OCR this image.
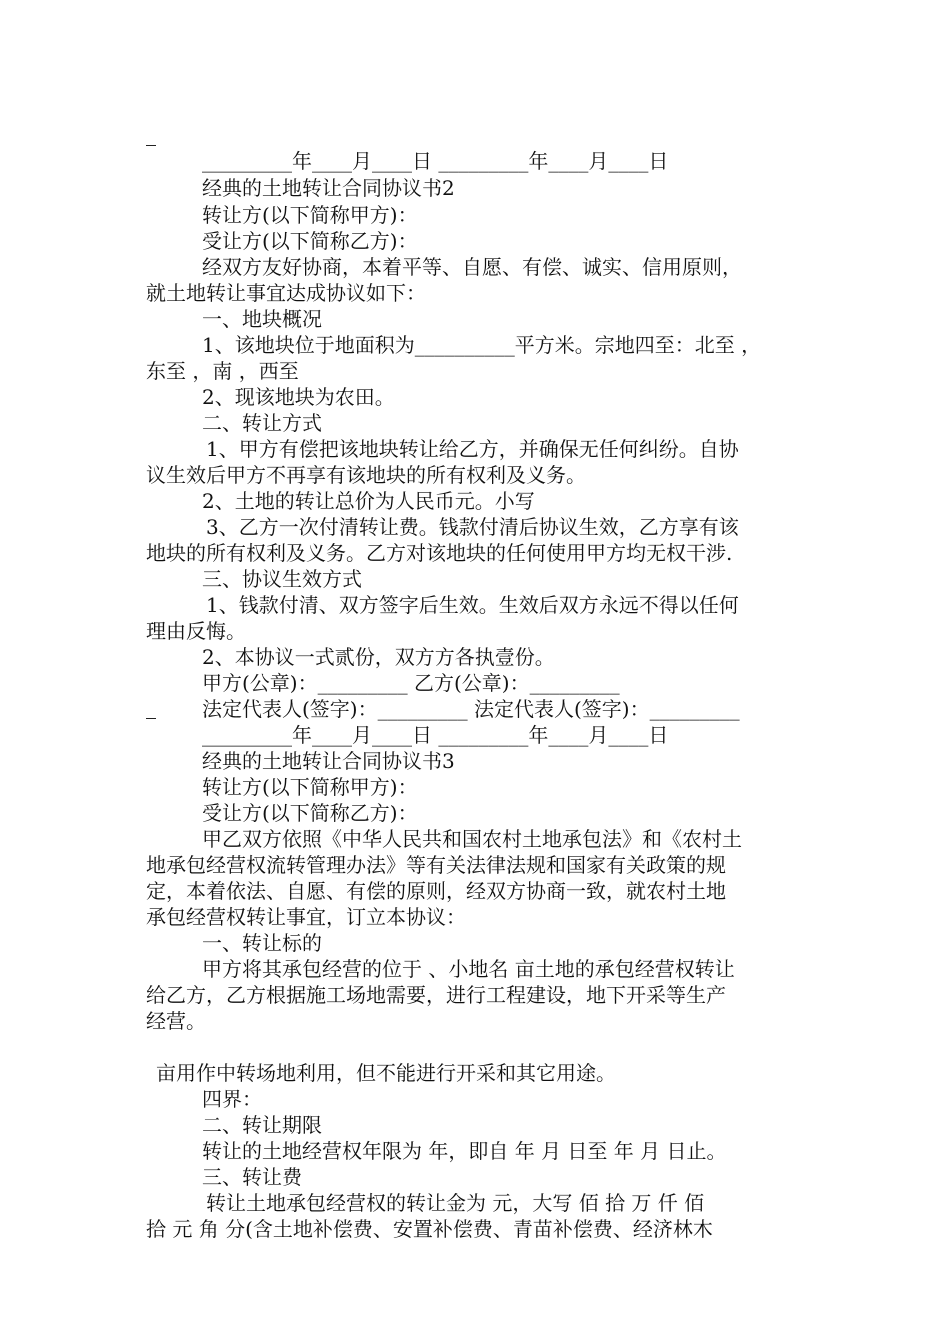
_________年____月____日 _________年____月____日
经典的土地转让合同协议书2
转让方(以下简称甲方)：
受让方(以下简称乙方)：
经双方友好协商，本着平等、自愿、有偿、诚实、信用原则，
就土地转让事宜达成协议如下：
一、地块概况
1、该地块位于地面积为__________平方米。宗地四至：北至 ，
东至 ，南 ，西至
2、现该地块为农田。
二、转让方式
1、甲方有偿把该地块转让给乙方，并确保无任何纠纷。自协
议生效后甲方不再享有该地块的所有权利及义务。
2、土地的转让总价为人民币元。小写
3、乙方一次付清转让费。钱款付清后协议生效，乙方享有该
地块的所有权利及义务。乙方对该地块的任何使用甲方均无权干涉.
三、协议生效方式
1、钱款付清、双方签字后生效。生效后双方永远不得以任何
理由反悔。
2、本协议一式贰份，双方方各执壹份。
甲方(公章)：_________ 乙方(公章)：_________
法定代表人(签字)：_________ 法定代表人(签字)：_________
_________年____月____日 _________年____月____日
经典的土地转让合同协议书3
转让方(以下简称甲方)：
受让方(以下简称乙方)：
甲乙双方依照《中华人民共和国农村土地承包法》和《农村土
地承包经营权流转管理办法》等有关法律法规和国家有关政策的规
定，本着依法、自愿、有偿的原则，经双方协商一致，就农村土地
承包经营权转让事宜，订立本协议：
一、转让标的
甲方将其承包经营的位于 、小地名 亩土地的承包经营权转让
给乙方，乙方根据施工场地需要，进行工程建设，地下开采等生产
经营。
亩用作中转场地利用，但不能进行开采和其它用途。
四界：
二、转让期限
转让的土地经营权年限为 年，即自 年 月 日至 年 月 日止。
三、转让费
转让土地承包经营权的转让金为 元，大写 佰 拾 万 仟 佰
拾 元 角 分(含土地补偿费、安置补偿费、青苗补偿费、经济林木
